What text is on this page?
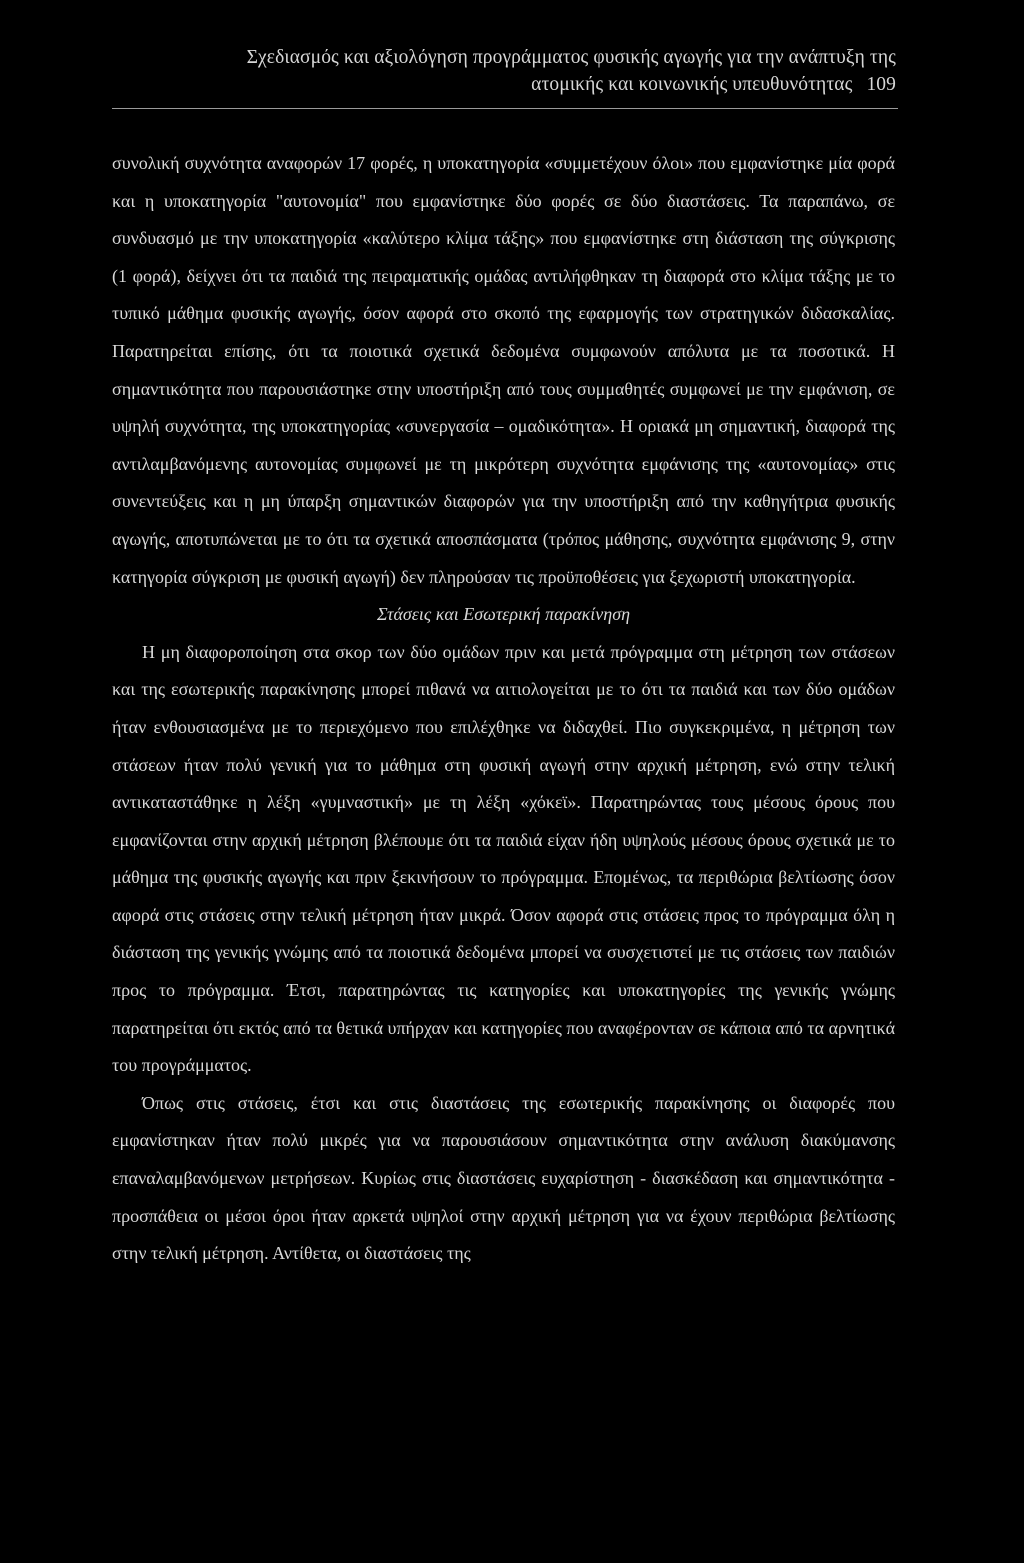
Σχεδιασμός και αξιολόγηση προγράμματος φυσικής αγωγής για την ανάπτυξη της
ατομικής και κοινωνικής υπευθυνότητας 109

συνολική συχνότητα αναφορών 17 φορές, η υποκατηγορία «συμμετέχουν όλοι» που εμφανίστηκε μία φορά και η υποκατηγορία "αυτονομία" που εμφανίστηκε δύο φορές σε δύο διαστάσεις. Τα παραπάνω, σε συνδυασμό με την υποκατηγορία «καλύτερο κλίμα τάξης» που εμφανίστηκε στη διάσταση της σύγκρισης (1 φορά), δείχνει ότι τα παιδιά της πειραματικής ομάδας αντιλήφθηκαν τη διαφορά στο κλίμα τάξης με το τυπικό μάθημα φυσικής αγωγής, όσον αφορά στο σκοπό της εφαρμογής των στρατηγικών διδασκαλίας. Παρατηρείται επίσης, ότι τα ποιοτικά σχετικά δεδομένα συμφωνούν απόλυτα με τα ποσοτικά. Η σημαντικότητα που παρουσιάστηκε στην υποστήριξη από τους συμμαθητές συμφωνεί με την εμφάνιση, σε υψηλή συχνότητα, της υποκατηγορίας «συνεργασία – ομαδικότητα». Η οριακά μη σημαντική, διαφορά της αντιλαμβανόμενης αυτονομίας συμφωνεί με τη μικρότερη συχνότητα εμφάνισης της «αυτονομίας» στις συνεντεύξεις και η μη ύπαρξη σημαντικών διαφορών για την υποστήριξη από την καθηγήτρια φυσικής αγωγής, αποτυπώνεται με το ότι τα σχετικά αποσπάσματα (τρόπος μάθησης, συχνότητα εμφάνισης 9, στην κατηγορία σύγκριση με φυσική αγωγή) δεν πληρούσαν τις προϋποθέσεις για ξεχωριστή υποκατηγορία.

Στάσεις και Εσωτερική παρακίνηση

Η μη διαφοροποίηση στα σκορ των δύο ομάδων πριν και μετά πρόγραμμα στη μέτρηση των στάσεων και της εσωτερικής παρακίνησης μπορεί πιθανά να αιτιολογείται με το ότι τα παιδιά και των δύο ομάδων ήταν ενθουσιασμένα με το περιεχόμενο που επιλέχθηκε να διδαχθεί. Πιο συγκεκριμένα, η μέτρηση των στάσεων ήταν πολύ γενική για το μάθημα στη φυσική αγωγή στην αρχική μέτρηση, ενώ στην τελική αντικαταστάθηκε η λέξη «γυμναστική» με τη λέξη «χόκεϊ». Παρατηρώντας τους μέσους όρους που εμφανίζονται στην αρχική μέτρηση βλέπουμε ότι τα παιδιά είχαν ήδη υψηλούς μέσους όρους σχετικά με το μάθημα της φυσικής αγωγής και πριν ξεκινήσουν το πρόγραμμα. Επομένως, τα περιθώρια βελτίωσης όσον αφορά στις στάσεις στην τελική μέτρηση ήταν μικρά. Όσον αφορά στις στάσεις προς το πρόγραμμα όλη η διάσταση της γενικής γνώμης από τα ποιοτικά δεδομένα μπορεί να συσχετιστεί με τις στάσεις των παιδιών προς το πρόγραμμα. Έτσι, παρατηρώντας τις κατηγορίες και υποκατηγορίες της γενικής γνώμης παρατηρείται ότι εκτός από τα θετικά υπήρχαν και κατηγορίες που αναφέρονταν σε κάποια από τα αρνητικά του προγράμματος.

Όπως στις στάσεις, έτσι και στις διαστάσεις της εσωτερικής παρακίνησης οι διαφορές που εμφανίστηκαν ήταν πολύ μικρές για να παρουσιάσουν σημαντικότητα στην ανάλυση διακύμανσης επαναλαμβανόμενων μετρήσεων. Κυρίως στις διαστάσεις ευχαρίστηση - διασκέδαση και σημαντικότητα - προσπάθεια οι μέσοι όροι ήταν αρκετά υψηλοί στην αρχική μέτρηση για να έχουν περιθώρια βελτίωσης στην τελική μέτρηση. Αντίθετα, οι διαστάσεις της
